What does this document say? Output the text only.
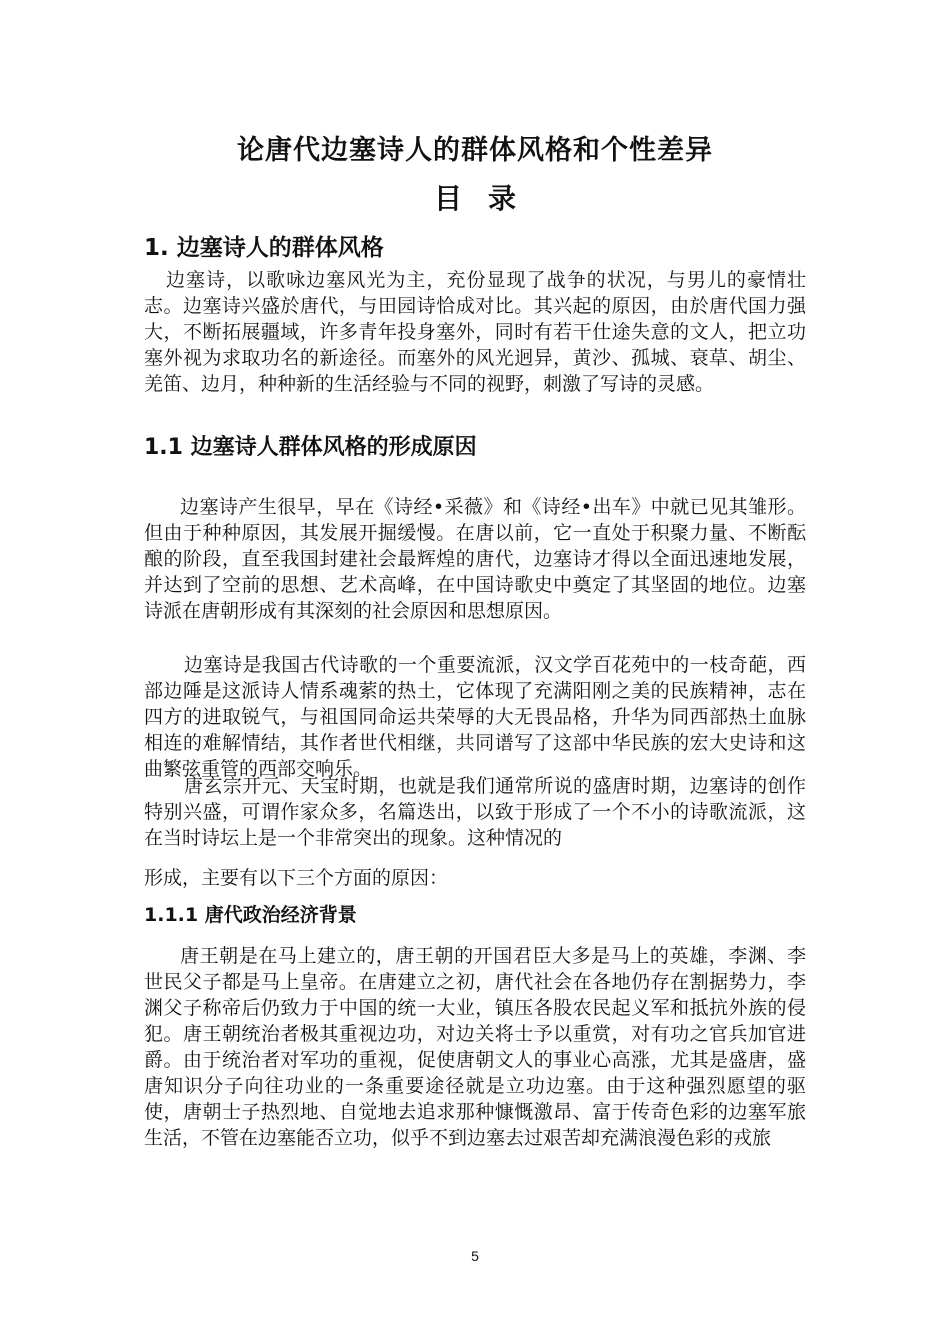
论唐代边塞诗人的群体风格和个性差异
目录
1. 边塞诗人的群体风格

边塞诗，以歌咏边塞风光为主，充份显现了战争的状况，与男儿的豪情壮志。边塞诗兴盛於唐代，与田园诗恰成对比。其兴起的原因，由於唐代国力强大，不断拓展疆域，许多青年投身塞外，同时有若干仕途失意的文人，把立功塞外视为求取功名的新途径。而塞外的风光迥异，黄沙、孤城、衰草、胡尘、羌笛、边月，种种新的生活经验与不同的视野，刺激了写诗的灵感。

1.1 边塞诗人群体风格的形成原因

边塞诗产生很早，早在《诗经•采薇》和《诗经•出车》中就已见其雏形。但由于种种原因，其发展开掘缓慢。在唐以前，它一直处于积聚力量、不断酝酿的阶段，直至我国封建社会最辉煌的唐代，边塞诗才得以全面迅速地发展，并达到了空前的思想、艺术高峰，在中国诗歌史中奠定了其坚固的地位。边塞诗派在唐朝形成有其深刻的社会原因和思想原因。

边塞诗是我国古代诗歌的一个重要流派，汉文学百花苑中的一枝奇葩，西部边陲是这派诗人情系魂萦的热土，它体现了充满阳刚之美的民族精神，志在四方的进取锐气，与祖国同命运共荣辱的大无畏品格，升华为同西部热土血脉相连的难解情结，其作者世代相继，共同谱写了这部中华民族的宏大史诗和这曲繁弦重管的西部交响乐。

唐玄宗开元、天宝时期，也就是我们通常所说的盛唐时期，边塞诗的创作特别兴盛，可谓作家众多，名篇迭出，以致于形成了一个不小的诗歌流派，这在当时诗坛上是一个非常突出的现象。这种情况的

形成，主要有以下三个方面的原因：

1.1.1 唐代政治经济背景

唐王朝是在马上建立的，唐王朝的开国君臣大多是马上的英雄，李渊、李世民父子都是马上皇帝。在唐建立之初，唐代社会在各地仍存在割据势力，李渊父子称帝后仍致力于中国的统一大业，镇压各股农民起义军和抵抗外族的侵犯。唐王朝统治者极其重视边功，对边关将士予以重赏，对有功之官兵加官进爵。由于统治者对军功的重视，促使唐朝文人的事业心高涨，尤其是盛唐，盛唐知识分子向往功业的一条重要途径就是立功边塞。由于这种强烈愿望的驱使，唐朝士子热烈地、自觉地去追求那种慷慨激昂、富于传奇色彩的边塞军旅生活，不管在边塞能否立功，似乎不到边塞去过艰苦却充满浪漫色彩的戎旅

5
